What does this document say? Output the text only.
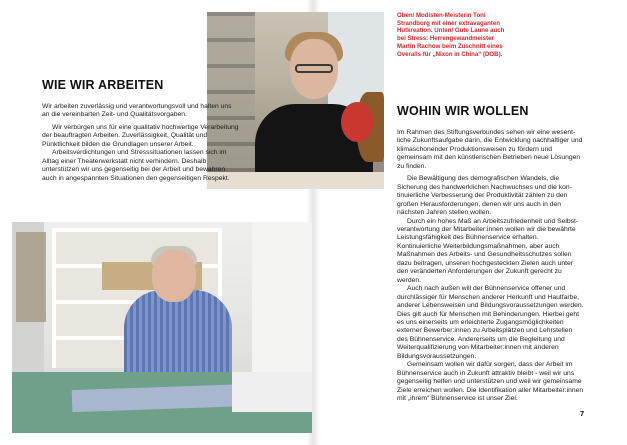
WIE WIR ARBEITEN

Wir arbeiten zuverlässig und verantwortungsvoll und halten uns an die vereinbarten Zeit- und Qualitätsvorgaben.

Wir verbürgen uns für eine qualitativ hochwertige Verarbeitung der beauftragten Arbeiten. Zuverlässigkeit, Qualität und Pünktlichkeit bilden die Grundlagen unserer Arbeit.

Arbeitsverdichtungen und Stresssituationen lassen sich im Alltag einer Theaterwerkstatt nicht verhindern. Deshalb unterstützen wir uns gegenseitig bei der Arbeit und bewahren auch in angespannten Situationen den gegenseitigen Respekt.

Oben/ Modisten-Meisterin Toni Strandborg mit einer extravaganten Hutkreation. Unten/ Gute Laune auch bei Stress: Herrengewandmeister Martin Rachow beim Zuschnitt eines Overalls für „Nixon in China“ (DOB).
WOHIN WIR WOLLEN

Im Rahmen des Stiftungsverbundes sehen wir eine wesentliche Zukunftsaufgabe darin, die Entwicklung nachhaltiger und klimaschonender Produktionsweisen zu fördern und gemeinsam mit den künstlerischen Betrieben neue Lösungen zu finden.

Die Bewältigung des demografischen Wandels, die Sicherung des handwerklichen Nachwuchses und die kontinuierliche Verbesserung der Produktivität zählen zu den großen Herausforderungen, denen wir uns auch in den nächsten Jahren stellen wollen.

Durch ein hohes Maß an Arbeitszufriedenheit und Selbstverantwortung der Mitarbeiter:innen wollen wir die bewährte Leistungsfähigkeit des Bühnenservice erhalten. Kontinuierliche Weiterbildungsmaßnahmen, aber auch Maßnahmen des Arbeits- und Gesundheitsschutzes sollen dazu beitragen, unseren hochgesteckten Zielen auch unter den veränderten Anforderungen der Zukunft gerecht zu werden.

Auch nach außen will der Bühnenservice offener und durchlässiger für Menschen anderer Herkunft und Hautfarbe, anderer Lebensweisen und Bildungsvoraussetzungen werden. Dies gilt auch für Menschen mit Behinderungen. Hierbei geht es uns einerseits um erleichterte Zugangsmöglichkeiten externer Bewerber:innen zu Arbeitsplätzen und Lehrstellen des Bühnenservice. Andererseits um die Begleitung und Weiterqualifizierung von Mitarbeiter:innen mit anderen Bildungsvoraussetzungen.

Gemeinsam wollen wir dafür sorgen, dass der Arbeit im Bühnenservice auch in Zukunft attraktiv bleibt - weil wir uns gegenseitig helfen und unterstützen und weil wir gemeinsame Ziele erreichen wollen. Die Identifikation aller Mitarbeiter:innen mit „ihrem“ Bühnenservice ist unser Ziel.

7
